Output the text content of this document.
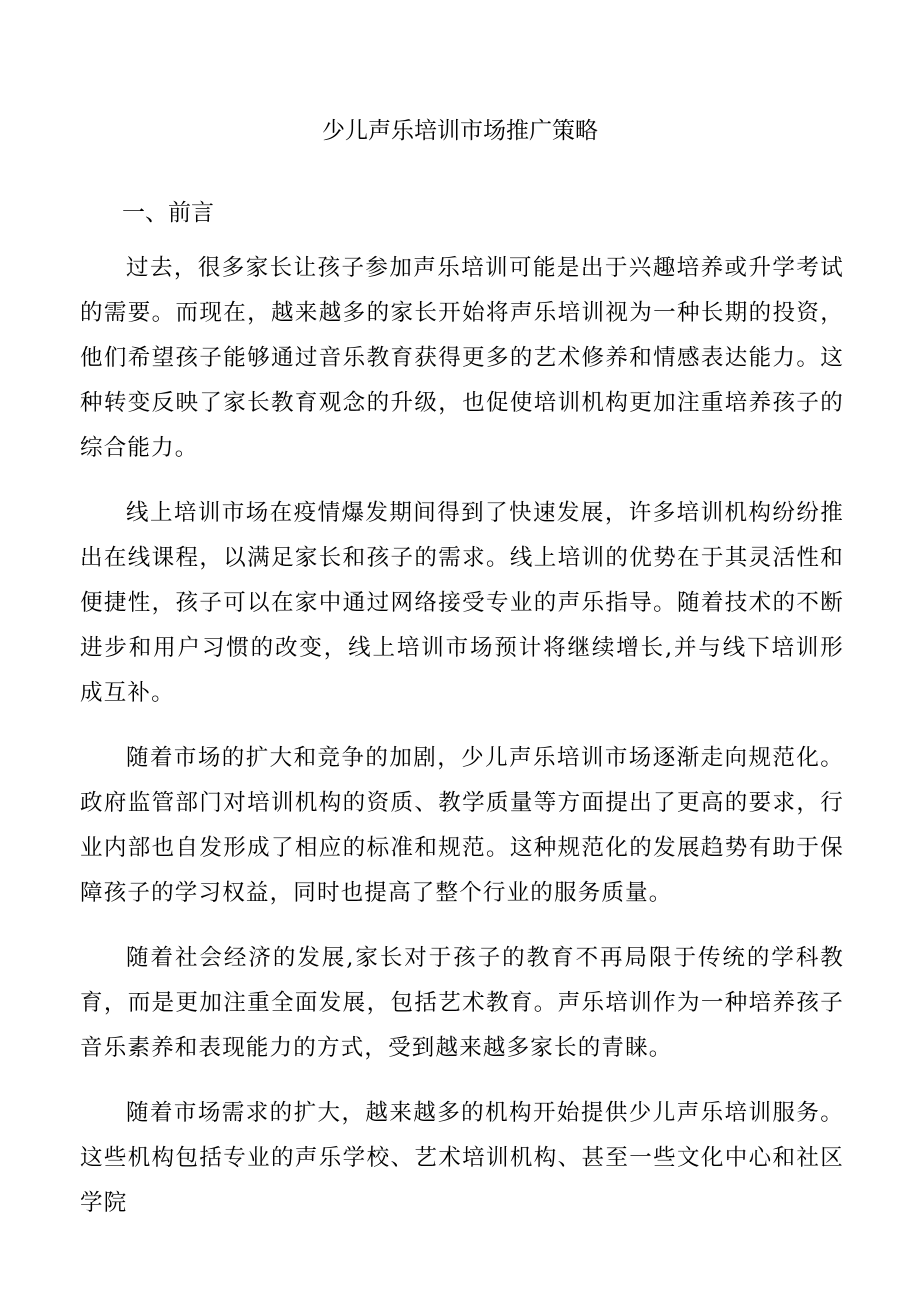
少儿声乐培训市场推广策略
一、前言

过去，很多家长让孩子参加声乐培训可能是出于兴趣培养或升学考试的需要。而现在，越来越多的家长开始将声乐培训视为一种长期的投资，他们希望孩子能够通过音乐教育获得更多的艺术修养和情感表达能力。这种转变反映了家长教育观念的升级，也促使培训机构更加注重培养孩子的综合能力。

线上培训市场在疫情爆发期间得到了快速发展，许多培训机构纷纷推出在线课程，以满足家长和孩子的需求。线上培训的优势在于其灵活性和便捷性，孩子可以在家中通过网络接受专业的声乐指导。随着技术的不断进步和用户习惯的改变，线上培训市场预计将继续增长,并与线下培训形成互补。

随着市场的扩大和竞争的加剧，少儿声乐培训市场逐渐走向规范化。政府监管部门对培训机构的资质、教学质量等方面提出了更高的要求，行业内部也自发形成了相应的标准和规范。这种规范化的发展趋势有助于保障孩子的学习权益，同时也提高了整个行业的服务质量。

随着社会经济的发展,家长对于孩子的教育不再局限于传统的学科教育，而是更加注重全面发展，包括艺术教育。声乐培训作为一种培养孩子音乐素养和表现能力的方式，受到越来越多家长的青睐。

随着市场需求的扩大，越来越多的机构开始提供少儿声乐培训服务。这些机构包括专业的声乐学校、艺术培训机构、甚至一些文化中心和社区学院
